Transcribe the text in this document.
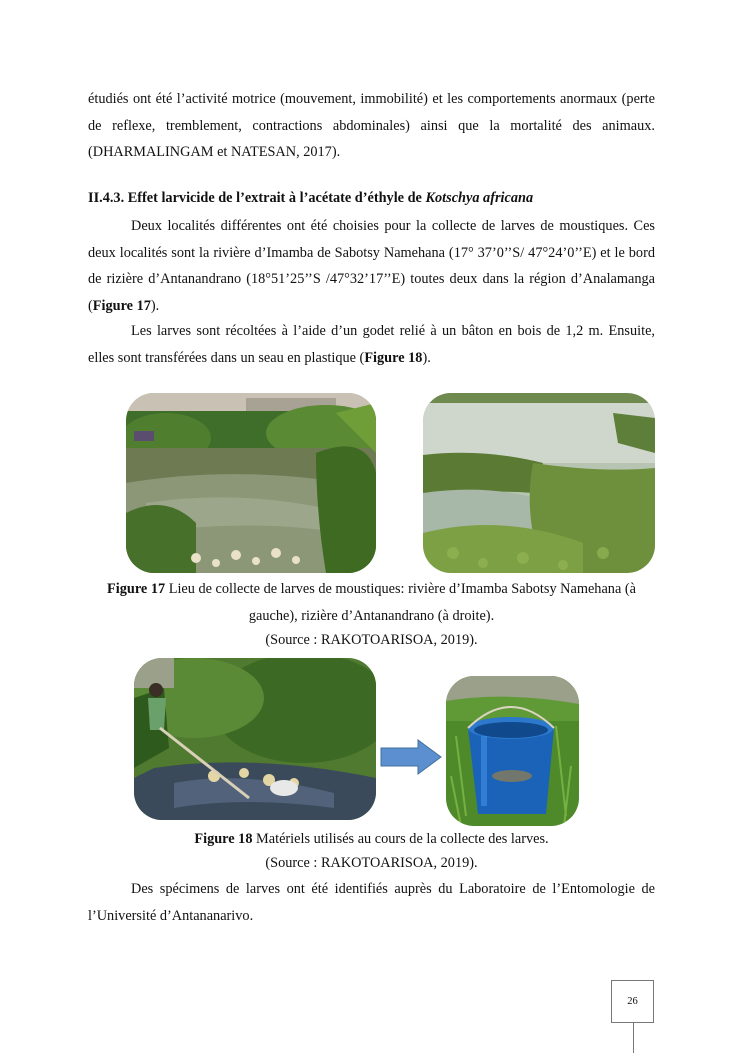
étudiés ont été l’activité motrice (mouvement, immobilité) et les comportements anormaux (perte de reflexe, tremblement, contractions abdominales) ainsi que la mortalité des animaux. (DHARMALINGAM et NATESAN, 2017).

II.4.3. Effet larvicide de l’extrait à l’acétate d’éthyle de Kotschya africana

Deux localités différentes ont été choisies pour la collecte de larves de moustiques. Ces deux localités sont la rivière d’Imamba de Sabotsy Namehana (17° 37’0’’S/ 47°24’0’’E) et le bord de rizière d’Antanandrano (18°51’25’’S /47°32’17’’E) toutes deux dans la région d’Analamanga (Figure 17).

Les larves sont récoltées à l’aide d’un godet relié à un bâton en bois de 1,2 m. Ensuite, elles sont transférées dans un seau en plastique (Figure 18).

Figure 17 Lieu de collecte de larves de moustiques: rivière d’Imamba Sabotsy Namehana (à gauche), rizière d’Antanandrano (à droite).

(Source : RAKOTOARISOA, 2019).

Figure 18 Matériels utilisés au cours de la collecte des larves.

(Source : RAKOTOARISOA, 2019).

Des spécimens de larves ont été identifiés auprès du Laboratoire de l’Entomologie de l’Université d’Antananarivo.

26
